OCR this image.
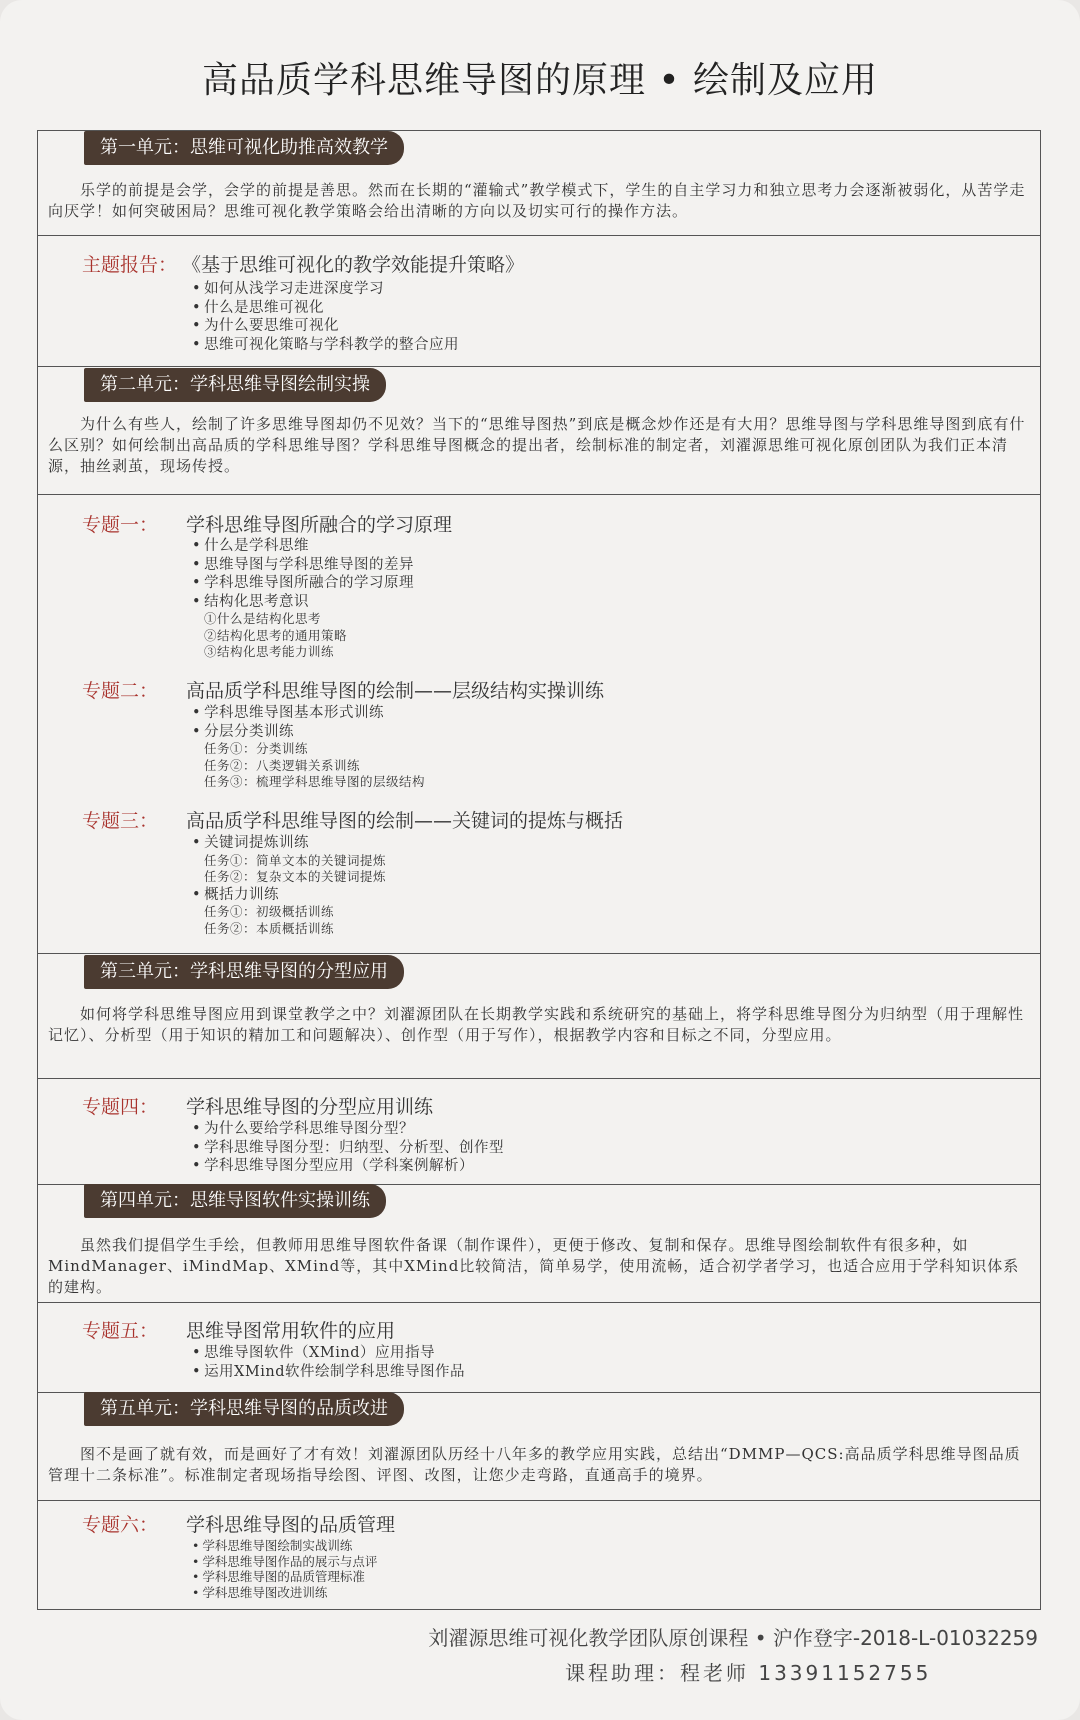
高品质学科思维导图的原理 • 绘制及应用
第一单元：思维可视化助推高效教学

乐学的前提是会学，会学的前提是善思。然而在长期的“灌输式”教学模式下，学生的自主学习力和独立思考力会逐渐被弱化，从苦学走向厌学！如何突破困局？思维可视化教学策略会给出清晰的方向以及切实可行的操作方法。

主题报告： 《基于思维可视化的教学效能提升策略》
• 如何从浅学习走进深度学习
• 什么是思维可视化
• 为什么要思维可视化
• 思维可视化策略与学科教学的整合应用
第二单元：学科思维导图绘制实操

为什么有些人，绘制了许多思维导图却仍不见效？当下的“思维导图热”到底是概念炒作还是有大用？思维导图与学科思维导图到底有什么区别？如何绘制出高品质的学科思维导图？学科思维导图概念的提出者，绘制标准的制定者，刘濯源思维可视化原创团队为我们正本清源，抽丝剥茧，现场传授。

专题一： 学科思维导图所融合的学习原理
• 什么是学科思维
• 思维导图与学科思维导图的差异
• 学科思维导图所融合的学习原理
• 结构化思考意识
①什么是结构化思考
②结构化思考的通用策略
③结构化思考能力训练
专题二： 高品质学科思维导图的绘制——层级结构实操训练
• 学科思维导图基本形式训练
• 分层分类训练
任务①：分类训练
任务②：八类逻辑关系训练
任务③：梳理学科思维导图的层级结构
专题三： 高品质学科思维导图的绘制——关键词的提炼与概括
• 关键词提炼训练
任务①：简单文本的关键词提炼
任务②：复杂文本的关键词提炼
• 概括力训练
任务①：初级概括训练
任务②：本质概括训练
第三单元：学科思维导图的分型应用

如何将学科思维导图应用到课堂教学之中？刘濯源团队在长期教学实践和系统研究的基础上，将学科思维导图分为归纳型（用于理解性记忆）、分析型（用于知识的精加工和问题解决）、创作型（用于写作），根据教学内容和目标之不同，分型应用。

专题四： 学科思维导图的分型应用训练
• 为什么要给学科思维导图分型？
• 学科思维导图分型：归纳型、分析型、创作型
• 学科思维导图分型应用（学科案例解析）
第四单元：思维导图软件实操训练

虽然我们提倡学生手绘，但教师用思维导图软件备课（制作课件），更便于修改、复制和保存。思维导图绘制软件有很多种，如MindManager、iMindMap、XMind等，其中XMind比较简洁，简单易学，使用流畅，适合初学者学习，也适合应用于学科知识体系的建构。

专题五： 思维导图常用软件的应用
• 思维导图软件（XMind）应用指导
• 运用XMind软件绘制学科思维导图作品
第五单元：学科思维导图的品质改进

图不是画了就有效，而是画好了才有效！刘濯源团队历经十八年多的教学应用实践，总结出“DMMP—QCS:高品质学科思维导图品质管理十二条标准”。标准制定者现场指导绘图、评图、改图，让您少走弯路，直通高手的境界。

专题六： 学科思维导图的品质管理
• 学科思维导图绘制实战训练
• 学科思维导图作品的展示与点评
• 学科思维导图的品质管理标准
• 学科思维导图改进训练
刘濯源思维可视化教学团队原创课程 • 沪作登字-2018-L-01032259
课程助理：程老师 13391152755
